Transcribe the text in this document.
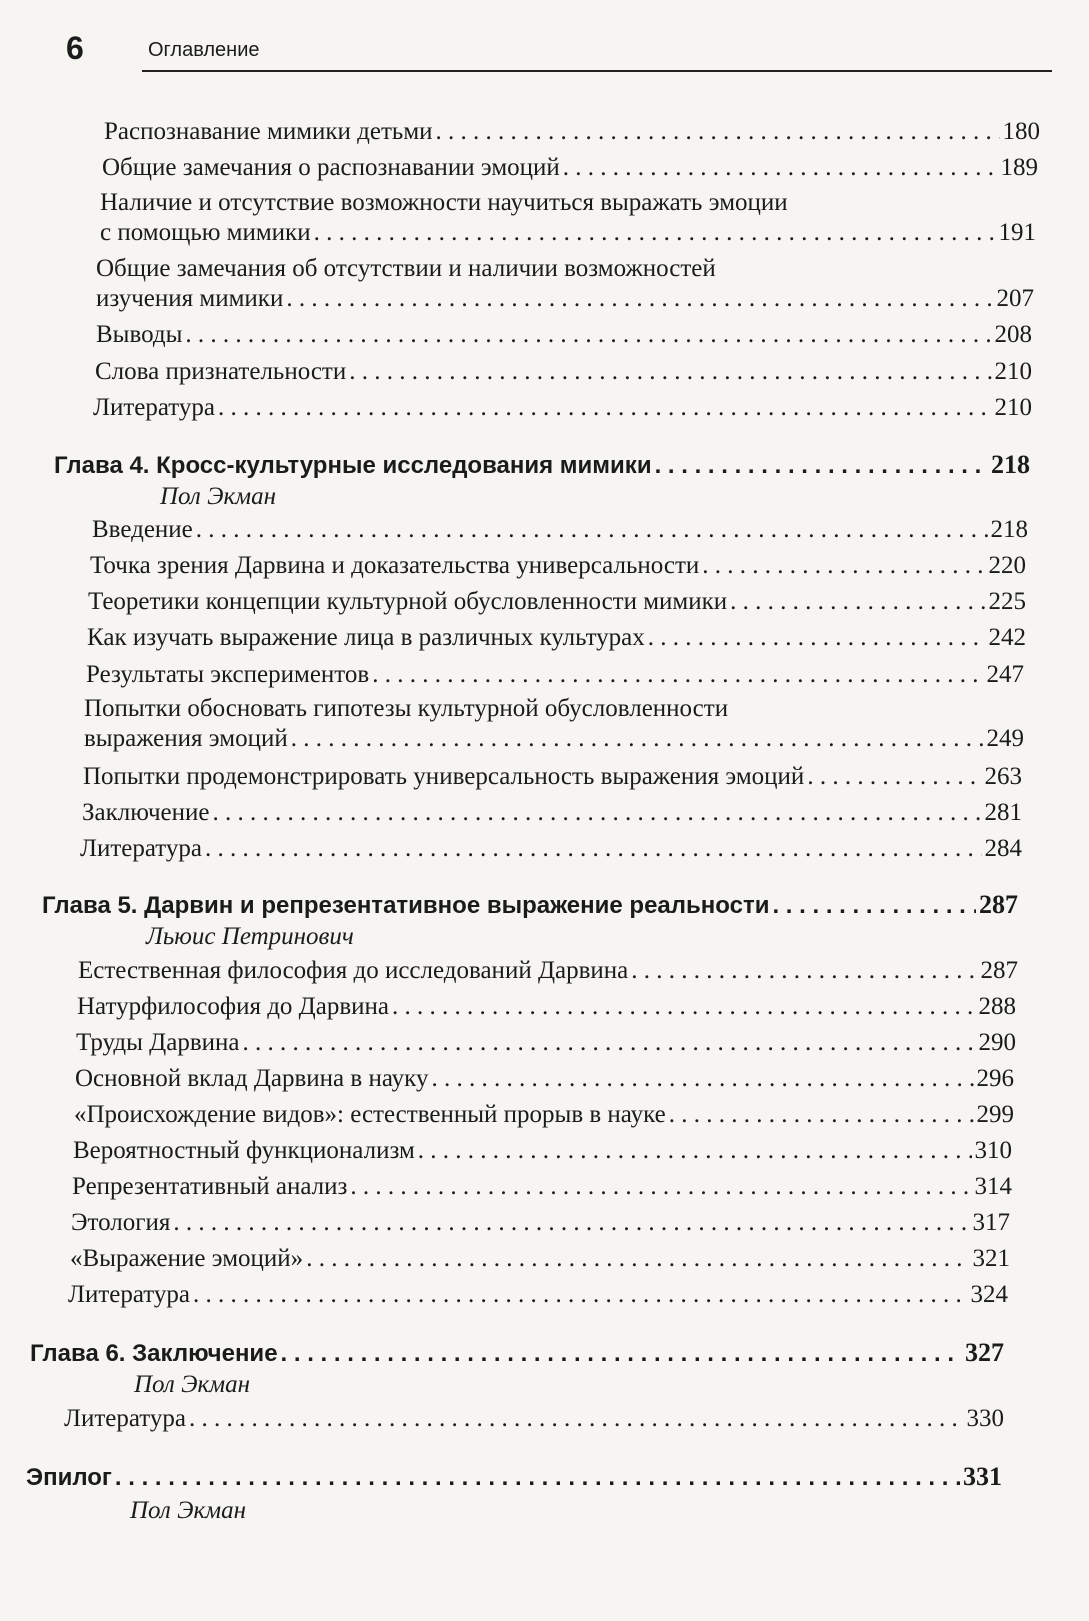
6	Оглавление
Распознавание мимики детьми . . .	180
Общие замечания о распознавании эмоций . . .	189
Наличие и отсутствие возможности научиться выражать эмоции
с помощью мимики . . .	191
Общие замечания об отсутствии и наличии возможностей
изучения мимики . . .	207
Выводы . . .	208
Слова признательности . . .	210
Литература . . .	210
Глава 4. Кросс-культурные исследования мимики . . .	218
Пол Экман
Введение . . .	218
Точка зрения Дарвина и доказательства универсальности . . .	220
Теоретики концепции культурной обусловленности мимики . . .	225
Как изучать выражение лица в различных культурах . . .	242
Результаты экспериментов . . .	247
Попытки обосновать гипотезы культурной обусловленности
выражения эмоций . . .	249
Попытки продемонстрировать универсальность выражения эмоций . . .	263
Заключение . . .	281
Литература . . .	284
Глава 5. Дарвин и репрезентативное выражение реальности . . .	287
Льюис Петринович
Естественная философия до исследований Дарвина . . .	287
Натурфилософия до Дарвина . . .	288
Труды Дарвина . . .	290
Основной вклад Дарвина в науку . . .	296
«Происхождение видов»: естественный прорыв в науке . . .	299
Вероятностный функционализм . . .	310
Репрезентативный анализ . . .	314
Этология . . .	317
«Выражение эмоций» . . .	321
Литература . . .	324
Глава 6. Заключение . . .	327
Пол Экман
Литература . . .	330
Эпилог . . .	331
Пол Экман
